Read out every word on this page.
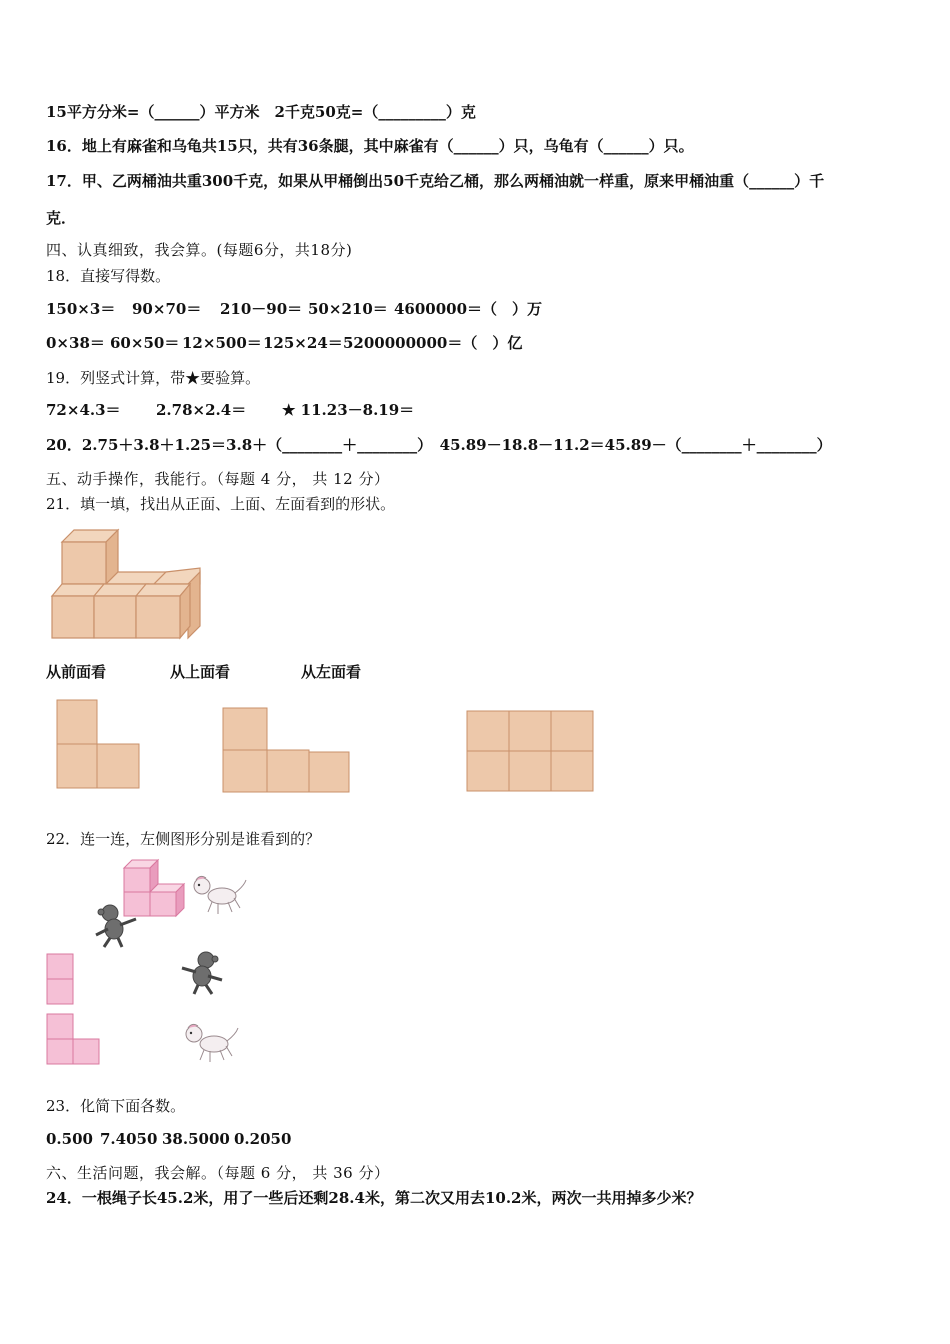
15平方分米=（______）平方米　2千克50克=（_________）克
16．地上有麻雀和乌龟共15只，共有36条腿，其中麻雀有（______）只，乌龟有（______）只。
17．甲、乙两桶油共重300千克，如果从甲桶倒出50千克给乙桶，那么两桶油就一样重，原来甲桶油重（______）千
克．
四、认真细致，我会算。(每题6分，共18分)
18．直接写得数。
150×3＝ 90×70＝ 210－90＝ 50×210＝ 4600000＝（　）万
0×38＝ 60×50＝ 12×500＝125×24＝5200000000＝（　）亿
19．列竖式计算，带★要验算。
72×4.3＝ 2.78×2.4＝ ★ 11.23－8.19＝
20．2.75＋3.8＋1.25＝3.8＋（________＋________）　45.89－18.8－11.2＝45.89－（________＋________）
五、动手操作，我能行。（每题 4 分， 共 12 分）
21．填一填，找出从正面、上面、左面看到的形状。
从前面看	从上面看	从左面看
22．连一连，左侧图形分别是谁看到的？
23．化简下面各数。
0.500 7.4050 38.5000 0.2050
六、生活问题，我会解。（每题 6 分， 共 36 分）
24．一根绳子长45.2米，用了一些后还剩28.4米，第二次又用去10.2米，两次一共用掉多少米？
